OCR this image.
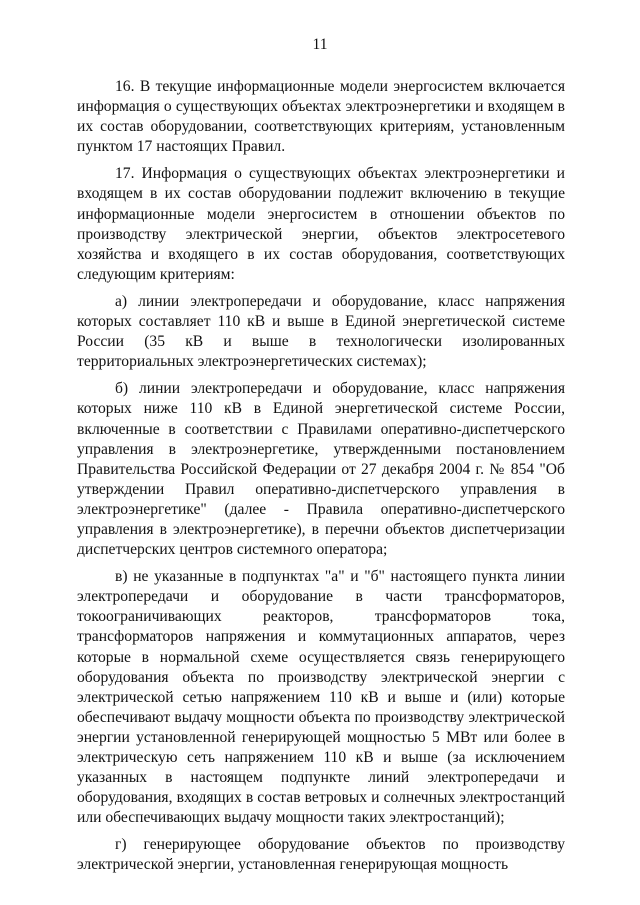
11

16. В текущие информационные модели энергосистем включается информация о существующих объектах электроэнергетики и входящем в их состав оборудовании, соответствующих критериям, установленным пунктом 17 настоящих Правил.

17. Информация о существующих объектах электроэнергетики и входящем в их состав оборудовании подлежит включению в текущие информационные модели энергосистем в отношении объектов по производству электрической энергии, объектов электросетевого хозяйства и входящего в их состав оборудования, соответствующих следующим критериям:

а) линии электропередачи и оборудование, класс напряжения которых составляет 110 кВ и выше в Единой энергетической системе России (35 кВ и выше в технологически изолированных территориальных электроэнергетических системах);

б) линии электропередачи и оборудование, класс напряжения которых ниже 110 кВ в Единой энергетической системе России, включенные в соответствии с Правилами оперативно-диспетчерского управления в электроэнергетике, утвержденными постановлением Правительства Российской Федерации от 27 декабря 2004 г. № 854 "Об утверждении Правил оперативно-диспетчерского управления в электроэнергетике" (далее - Правила оперативно-диспетчерского управления в электроэнергетике), в перечни объектов диспетчеризации диспетчерских центров системного оператора;

в) не указанные в подпунктах "а" и "б" настоящего пункта линии электропередачи и оборудование в части трансформаторов, токоограничивающих реакторов, трансформаторов тока, трансформаторов напряжения и коммутационных аппаратов, через которые в нормальной схеме осуществляется связь генерирующего оборудования объекта по производству электрической энергии с электрической сетью напряжением 110 кВ и выше и (или) которые обеспечивают выдачу мощности объекта по производству электрической энергии установленной генерирующей мощностью 5 МВт или более в электрическую сеть напряжением 110 кВ и выше (за исключением указанных в настоящем подпункте линий электропередачи и оборудования, входящих в состав ветровых и солнечных электростанций или обеспечивающих выдачу мощности таких электростанций);

г) генерирующее оборудование объектов по производству электрической энергии, установленная генерирующая мощность
